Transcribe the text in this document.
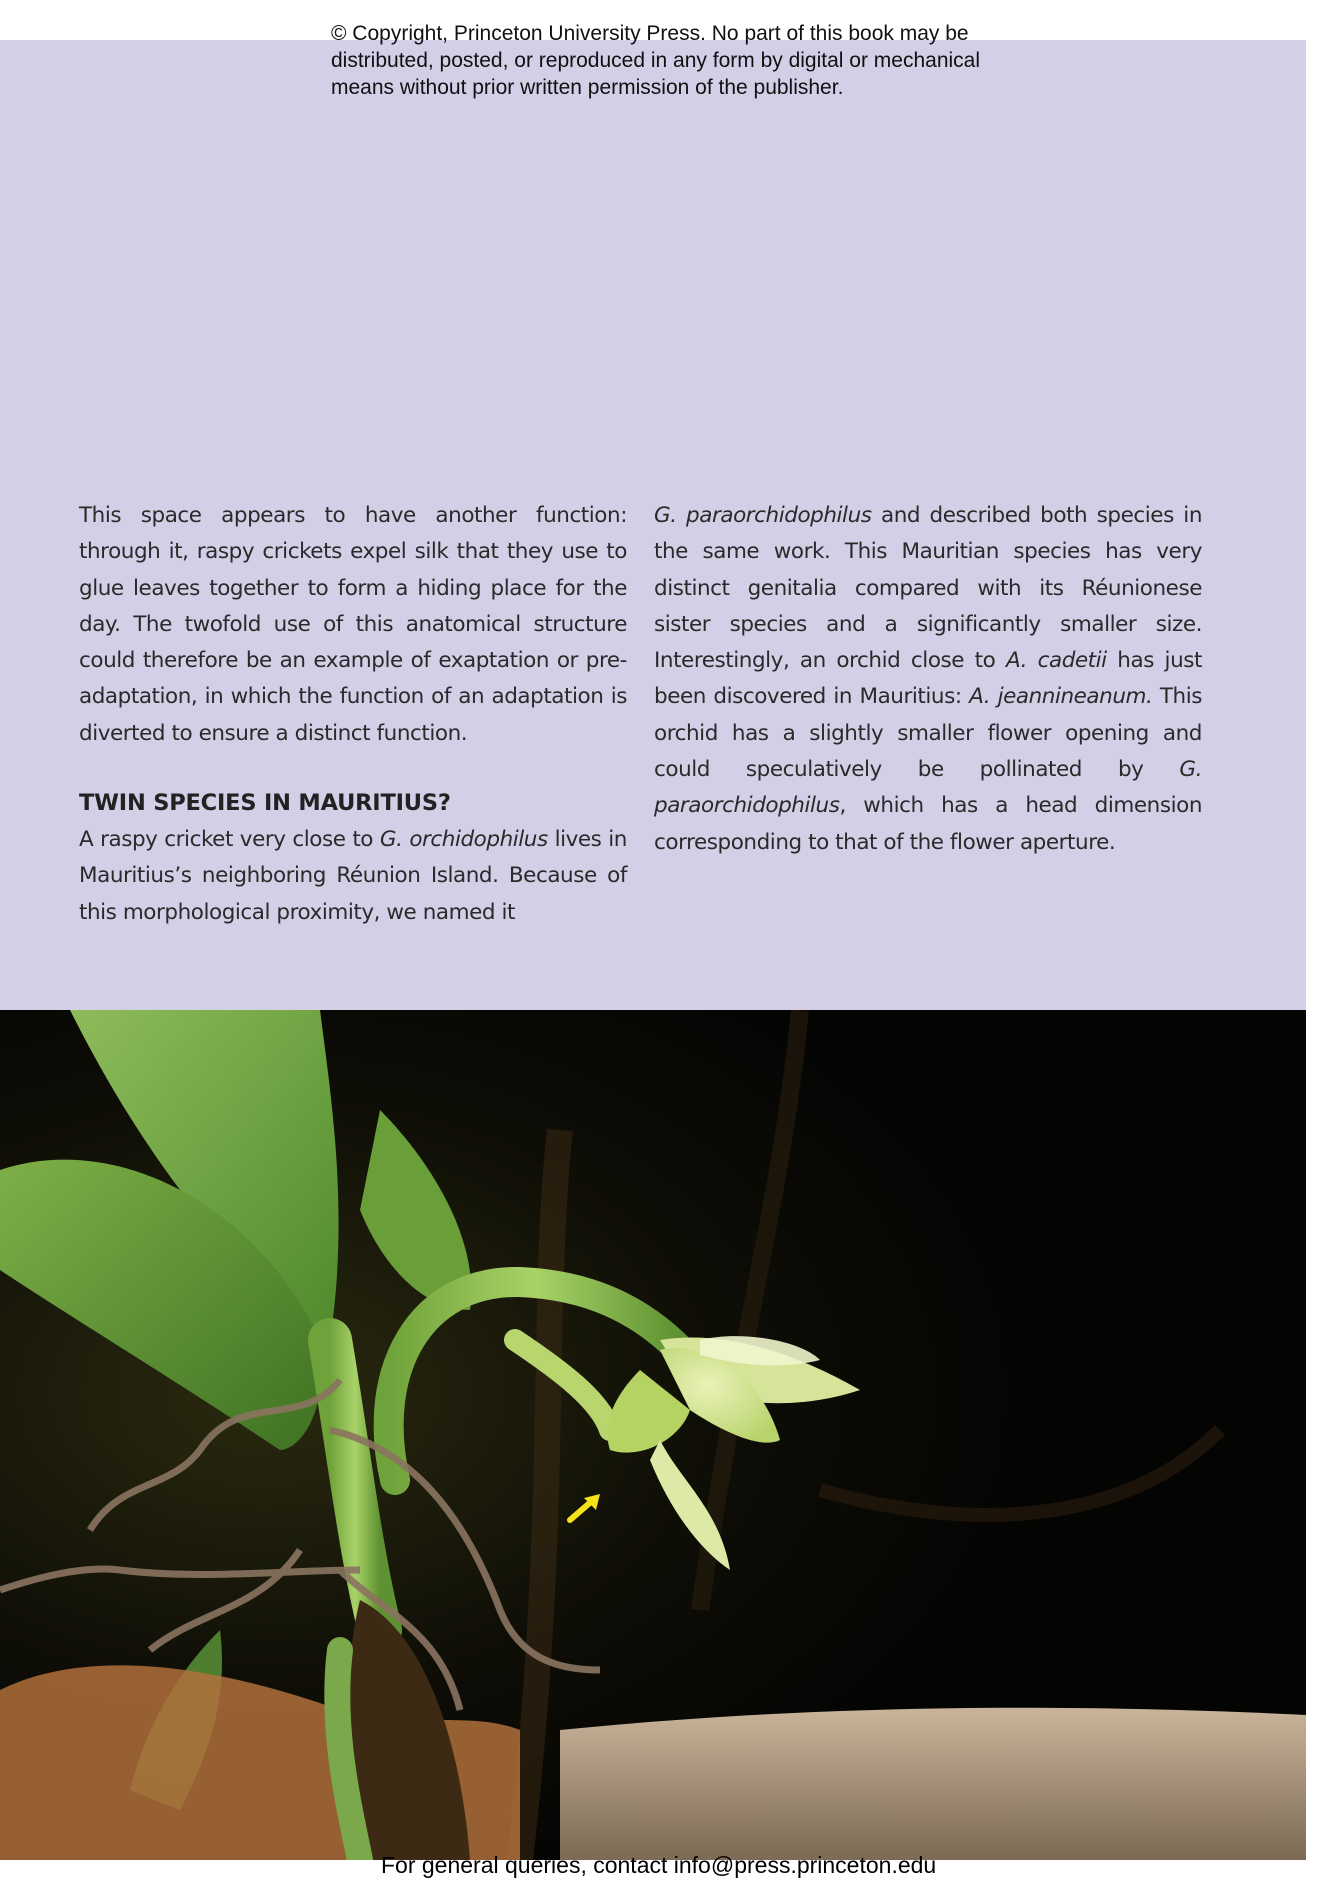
© Copyright, Princeton University Press. No part of this book may be
distributed, posted, or reproduced in any form by digital or mechanical
means without prior written permission of the publisher.

This space appears to have another function: through it, raspy crickets expel silk that they use to glue leaves together to form a hiding place for the day. The twofold use of this anatomical structure could therefore be an example of exaptation or pre-adaptation, in which the function of an adaptation is diverted to ensure a distinct function.

TWIN SPECIES IN MAURITIUS?

A raspy cricket very close to G. orchidophilus lives in Mauritius’s neighboring Réunion Island. Because of this morphological proximity, we named it

G. paraorchidophilus and described both species in the same work. This Mauritian species has very distinct genitalia compared with its Réunionese sister species and a significantly smaller size. Interestingly, an orchid close to A. cadetii has just been discovered in Mauritius: A. jeannineanum. This orchid has a slightly smaller flower opening and could speculatively be pollinated by G. paraorchidophilus, which has a head dimension corresponding to that of the flower aperture.

For general queries, contact info@press.princeton.edu
